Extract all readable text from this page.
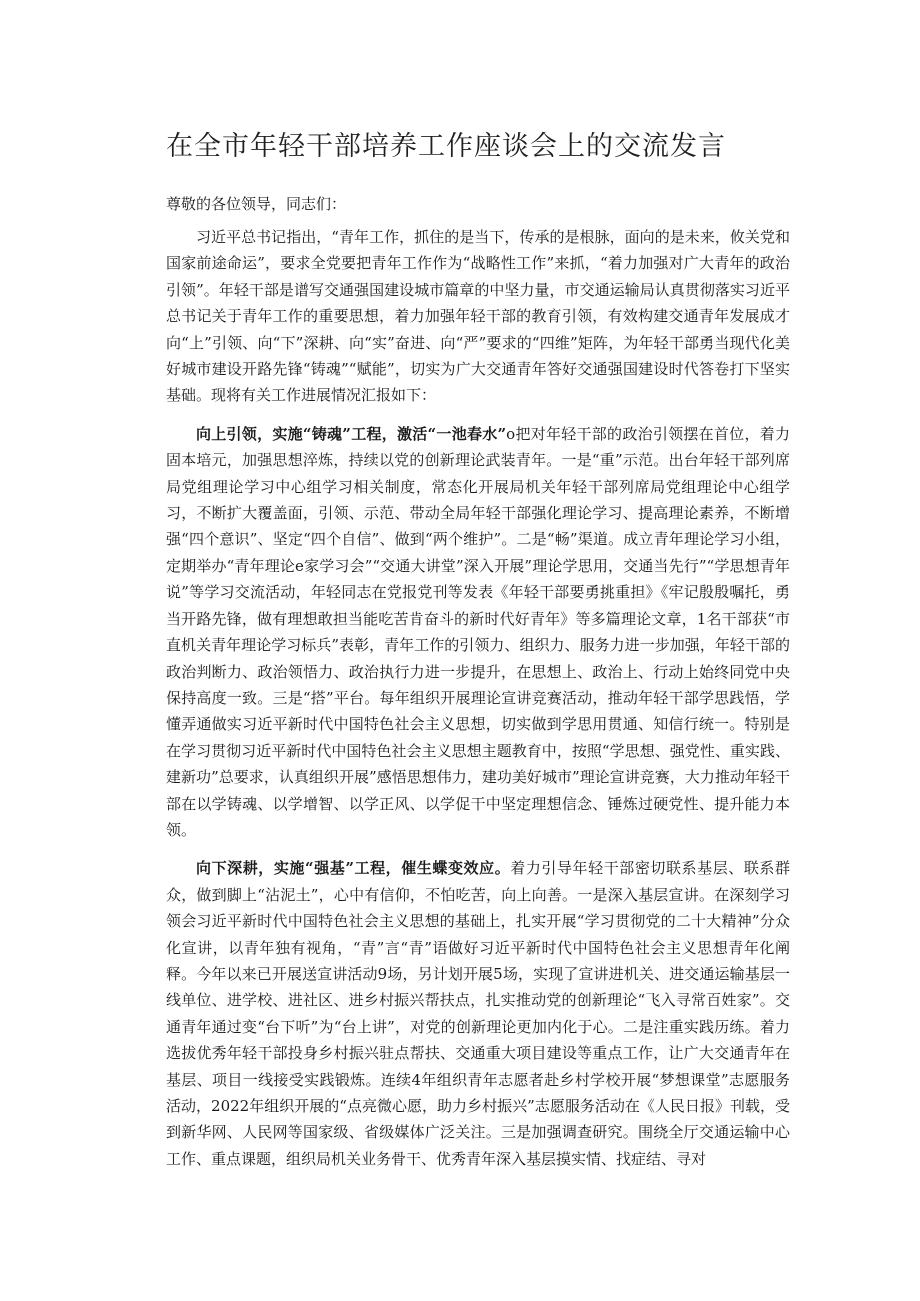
在全市年轻干部培养工作座谈会上的交流发言

尊敬的各位领导，同志们：

习近平总书记指出，“青年工作，抓住的是当下，传承的是根脉，面向的是未来，攸关党和国家前途命运”，要求全党要把青年工作作为“战略性工作”来抓，“着力加强对广大青年的政治引领”。年轻干部是谱写交通强国建设城市篇章的中坚力量，市交通运输局认真贯彻落实习近平总书记关于青年工作的重要思想，着力加强年轻干部的教育引领，有效构建交通青年发展成才向“上”引领、向“下”深耕、向“实”奋进、向“严”要求的“四维”矩阵，为年轻干部勇当现代化美好城市建设开路先锋“铸魂”“赋能”，切实为广大交通青年答好交通强国建设时代答卷打下坚实基础。现将有关工作进展情况汇报如下：

向上引领，实施“铸魂”工程，激活“一池春水”o把对年轻干部的政治引领摆在首位，着力固本培元，加强思想淬炼，持续以党的创新理论武装青年。一是“重”示范。出台年轻干部列席局党组理论学习中心组学习相关制度，常态化开展局机关年轻干部列席局党组理论中心组学习，不断扩大覆盖面，引领、示范、带动全局年轻干部强化理论学习、提高理论素养，不断增强“四个意识”、坚定“四个自信”、做到“两个维护”。二是“畅”渠道。成立青年理论学习小组，定期举办“青年理论e家学习会”“交通大讲堂”深入开展”理论学思用，交通当先行”“学思想青年说”等学习交流活动，年轻同志在党报党刊等发表《年轻干部要勇挑重担》《牢记殷殷嘱托，勇当开路先锋，做有理想敢担当能吃苦肯奋斗的新时代好青年》等多篇理论文章，1名干部获“市直机关青年理论学习标兵”表彰，青年工作的引领力、组织力、服务力进一步加强，年轻干部的政治判断力、政治领悟力、政治执行力进一步提升，在思想上、政治上、行动上始终同党中央保持高度一致。三是“搭”平台。每年组织开展理论宣讲竞赛活动，推动年轻干部学思践悟，学懂弄通做实习近平新时代中国特色社会主义思想，切实做到学思用贯通、知信行统一。特别是在学习贯彻习近平新时代中国特色社会主义思想主题教育中，按照“学思想、强党性、重实践、建新功”总要求，认真组织开展”感悟思想伟力，建功美好城市”理论宣讲竞赛，大力推动年轻干部在以学铸魂、以学增智、以学正风、以学促干中坚定理想信念、锤炼过硬党性、提升能力本领。

向下深耕，实施“强基”工程，催生蝶变效应。着力引导年轻干部密切联系基层、联系群众，做到脚上“沾泥土”，心中有信仰，不怕吃苦，向上向善。一是深入基层宣讲。在深刻学习领会习近平新时代中国特色社会主义思想的基础上，扎实开展“学习贯彻党的二十大精神”分众化宣讲，以青年独有视角，“青”言“青”语做好习近平新时代中国特色社会主义思想青年化阐释。今年以来已开展送宣讲活动9场，另计划开展5场，实现了宣讲进机关、进交通运输基层一线单位、进学校、进社区、进乡村振兴帮扶点，扎实推动党的创新理论“飞入寻常百姓家”。交通青年通过变“台下听”为“台上讲”，对党的创新理论更加内化于心。二是注重实践历练。着力选拔优秀年轻干部投身乡村振兴驻点帮扶、交通重大项目建设等重点工作，让广大交通青年在基层、项目一线接受实践锻炼。连续4年组织青年志愿者赴乡村学校开展“梦想课堂”志愿服务活动，2022年组织开展的“点亮微心愿，助力乡村振兴”志愿服务活动在《人民日报》刊载，受到新华网、人民网等国家级、省级媒体广泛关注。三是加强调查研究。围绕全厅交通运输中心工作、重点课题，组织局机关业务骨干、优秀青年深入基层摸实情、找症结、寻对
